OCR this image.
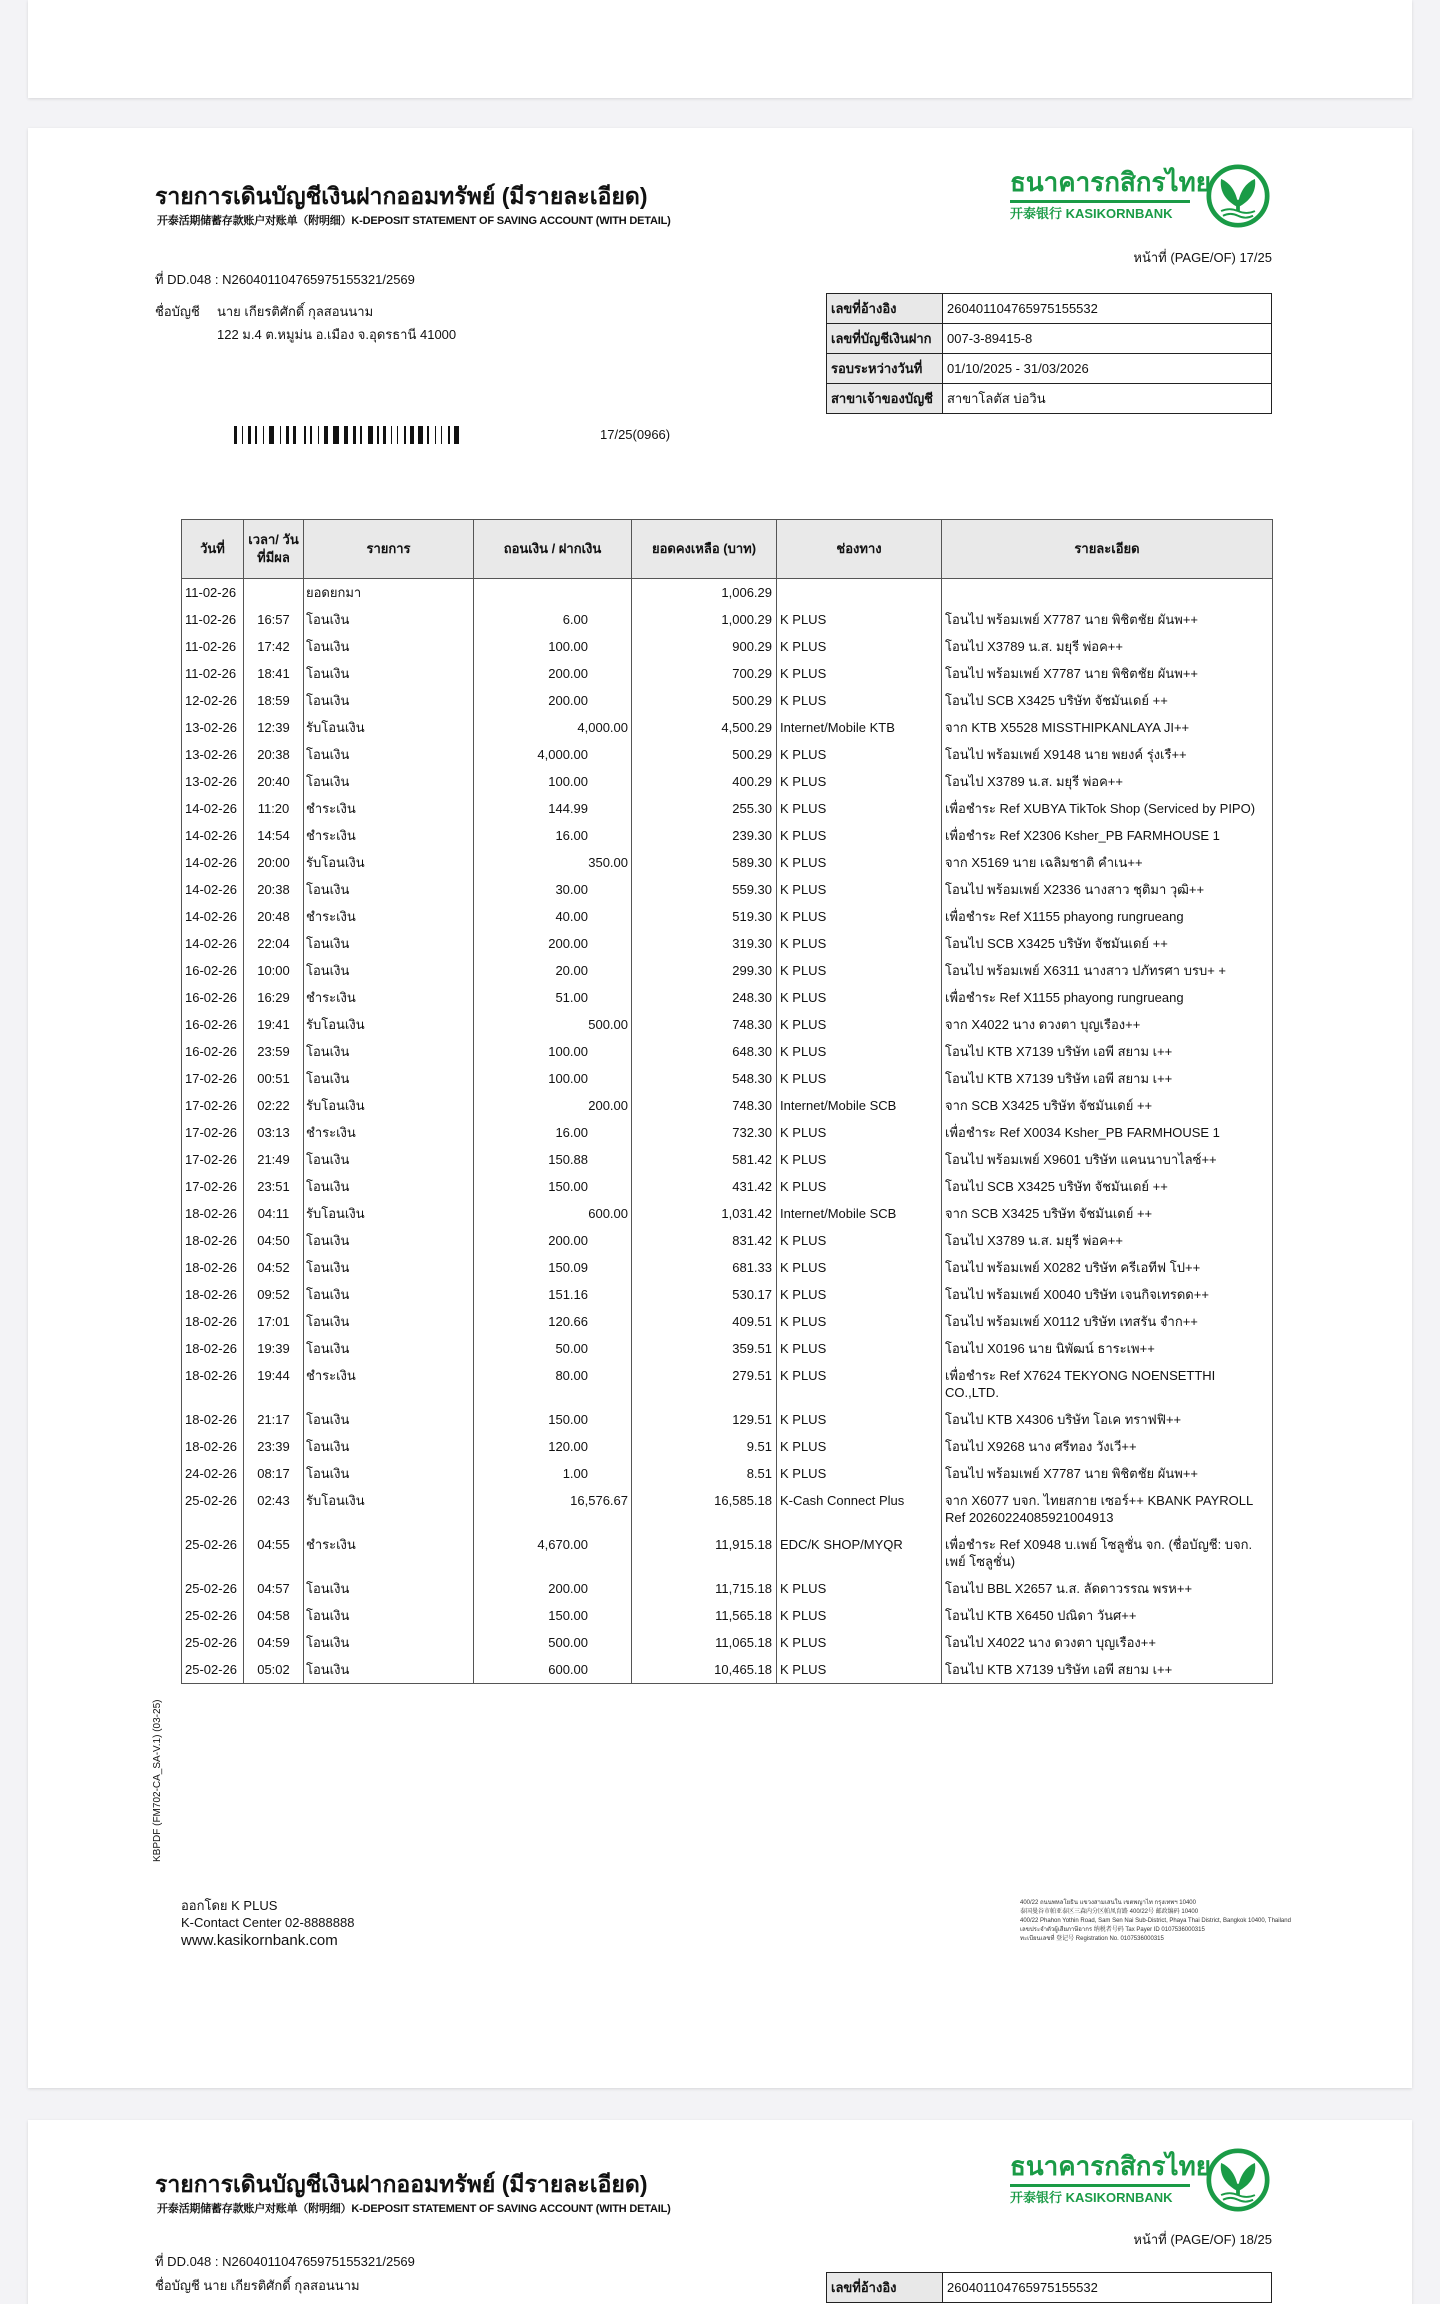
รายการเดินบัญชีเงินฝากออมทรัพย์ (มีรายละเอียด)
开泰活期储蓄存款账户对账单（附明细）K-DEPOSIT STATEMENT OF SAVING ACCOUNT (WITH DETAIL)
ธนาคารกสิกรไทย
开泰银行 KASIKORNBANK
หน้าที่ (PAGE/OF) 17/25
ที่ DD.048 : N260401104765975155321/2569
ชื่อบัญชี นาย เกียรติศักดิ์ กุลสอนนาม
122 ม.4 ต.หมูม่น อ.เมือง จ.อุดรธานี 41000
เลขที่อ้างอิง	260401104765975155532
เลขที่บัญชีเงินฝาก	007-3-89415-8
รอบระหว่างวันที่	01/10/2025 - 31/03/2026
สาขาเจ้าของบัญชี	สาขาโลตัส บ่อวิน
17/25(0966)
วันที่	เวลา/ วันที่มีผล	รายการ	ถอนเงิน / ฝากเงิน	ยอดคงเหลือ (บาท)	ช่องทาง	รายละเอียด
11-02-26		ยอดยกมา		1,006.29		
11-02-26	16:57	โอนเงิน	6.00	1,000.29	K PLUS	โอนไป พร้อมเพย์ X7787 นาย พิชิตชัย ผันพ++
11-02-26	17:42	โอนเงิน	100.00	900.29	K PLUS	โอนไป X3789 น.ส. มยุรี พ่อค++
11-02-26	18:41	โอนเงิน	200.00	700.29	K PLUS	โอนไป พร้อมเพย์ X7787 นาย พิชิตชัย ผันพ++
12-02-26	18:59	โอนเงิน	200.00	500.29	K PLUS	โอนไป SCB X3425 บริษัท จัชมันเดย์ ++
13-02-26	12:39	รับโอนเงิน	4,000.00	4,500.29	Internet/Mobile KTB	จาก KTB X5528 MISSTHIPKANLAYA JI++
13-02-26	20:38	โอนเงิน	4,000.00	500.29	K PLUS	โอนไป พร้อมเพย์ X9148 นาย พยงค์ รุ่งเรื++
13-02-26	20:40	โอนเงิน	100.00	400.29	K PLUS	โอนไป X3789 น.ส. มยุรี พ่อค++
14-02-26	11:20	ชำระเงิน	144.99	255.30	K PLUS	เพื่อชำระ Ref XUBYA TikTok Shop (Serviced by PIPO)
14-02-26	14:54	ชำระเงิน	16.00	239.30	K PLUS	เพื่อชำระ Ref X2306 Ksher_PB FARMHOUSE 1
14-02-26	20:00	รับโอนเงิน	350.00	589.30	K PLUS	จาก X5169 นาย เฉลิมชาติ คำเน++
14-02-26	20:38	โอนเงิน	30.00	559.30	K PLUS	โอนไป พร้อมเพย์ X2336 นางสาว ชุติมา วุฒิ++
14-02-26	20:48	ชำระเงิน	40.00	519.30	K PLUS	เพื่อชำระ Ref X1155 phayong rungrueang
14-02-26	22:04	โอนเงิน	200.00	319.30	K PLUS	โอนไป SCB X3425 บริษัท จัชมันเดย์ ++
16-02-26	10:00	โอนเงิน	20.00	299.30	K PLUS	โอนไป พร้อมเพย์ X6311 นางสาว ปภัทรศา บรบ+ +
16-02-26	16:29	ชำระเงิน	51.00	248.30	K PLUS	เพื่อชำระ Ref X1155 phayong rungrueang
16-02-26	19:41	รับโอนเงิน	500.00	748.30	K PLUS	จาก X4022 นาง ดวงตา บุญเรือง++
16-02-26	23:59	โอนเงิน	100.00	648.30	K PLUS	โอนไป KTB X7139 บริษัท เอพี สยาม เ++
17-02-26	00:51	โอนเงิน	100.00	548.30	K PLUS	โอนไป KTB X7139 บริษัท เอพี สยาม เ++
17-02-26	02:22	รับโอนเงิน	200.00	748.30	Internet/Mobile SCB	จาก SCB X3425 บริษัท จัชมันเดย์ ++
17-02-26	03:13	ชำระเงิน	16.00	732.30	K PLUS	เพื่อชำระ Ref X0034 Ksher_PB FARMHOUSE 1
17-02-26	21:49	โอนเงิน	150.88	581.42	K PLUS	โอนไป พร้อมเพย์ X9601 บริษัท แคนนาบาไลซ์++
17-02-26	23:51	โอนเงิน	150.00	431.42	K PLUS	โอนไป SCB X3425 บริษัท จัชมันเดย์ ++
18-02-26	04:11	รับโอนเงิน	600.00	1,031.42	Internet/Mobile SCB	จาก SCB X3425 บริษัท จัชมันเดย์ ++
18-02-26	04:50	โอนเงิน	200.00	831.42	K PLUS	โอนไป X3789 น.ส. มยุรี พ่อค++
18-02-26	04:52	โอนเงิน	150.09	681.33	K PLUS	โอนไป พร้อมเพย์ X0282 บริษัท ครีเอทีฟ โป++
18-02-26	09:52	โอนเงิน	151.16	530.17	K PLUS	โอนไป พร้อมเพย์ X0040 บริษัท เจนกิจเทรดด++
18-02-26	17:01	โอนเงิน	120.66	409.51	K PLUS	โอนไป พร้อมเพย์ X0112 บริษัท เทสรัน จำก++
18-02-26	19:39	โอนเงิน	50.00	359.51	K PLUS	โอนไป X0196 นาย นิพัฒน์ ธาระเพ++
18-02-26	19:44	ชำระเงิน	80.00	279.51	K PLUS	เพื่อชำระ Ref X7624 TEKYONG NOENSETTHI CO.,LTD.
18-02-26	21:17	โอนเงิน	150.00	129.51	K PLUS	โอนไป KTB X4306 บริษัท โอเค ทราฟฟิ++
18-02-26	23:39	โอนเงิน	120.00	9.51	K PLUS	โอนไป X9268 นาง ศรีทอง วังเวี++
24-02-26	08:17	โอนเงิน	1.00	8.51	K PLUS	โอนไป พร้อมเพย์ X7787 นาย พิชิตชัย ผันพ++
25-02-26	02:43	รับโอนเงิน	16,576.67	16,585.18	K-Cash Connect Plus	จาก X6077 บจก. ไทยสกาย เซอร์++ KBANK PAYROLL Ref 20260224085921004913
25-02-26	04:55	ชำระเงิน	4,670.00	11,915.18	EDC/K SHOP/MYQR	เพื่อชำระ Ref X0948 บ.เพย์ โซลูชั่น จก. (ชื่อบัญชี: บจก. เพย์ โซลูชั่น)
25-02-26	04:57	โอนเงิน	200.00	11,715.18	K PLUS	โอนไป BBL X2657 น.ส. ลัดดาวรรณ พรห++
25-02-26	04:58	โอนเงิน	150.00	11,565.18	K PLUS	โอนไป KTB X6450 ปณิดา วันศ++
25-02-26	04:59	โอนเงิน	500.00	11,065.18	K PLUS	โอนไป X4022 นาง ดวงตา บุญเรือง++
25-02-26	05:02	โอนเงิน	600.00	10,465.18	K PLUS	โอนไป KTB X7139 บริษัท เอพี สยาม เ++
KBPDF (FM702-CA_SA-V.1) (03-25)
ออกโดย K PLUS
K-Contact Center 02-8888888
www.kasikornbank.com
400/22 ถนนพหลโยธิน แขวงสามเสนใน เขตพญาไท กรุงเทพฯ 10400
泰国曼谷市帕亚泰区三森内分区帕凤育路 400/22号 邮政编码 10400
400/22 Phahon Yothin Road, Sam Sen Nai Sub-District, Phaya Thai District, Bangkok 10400, Thailand
เลขประจำตัวผู้เสียภาษีอากร 纳税者号码 Tax Payer ID 0107536000315
ทะเบียนเลขที่ 登记号 Registration No. 0107536000315
รายการเดินบัญชีเงินฝากออมทรัพย์ (มีรายละเอียด)
开泰活期储蓄存款账户对账单（附明细）K-DEPOSIT STATEMENT OF SAVING ACCOUNT (WITH DETAIL)
ธนาคารกสิกรไทย
开泰银行 KASIKORNBANK
หน้าที่ (PAGE/OF) 18/25
ที่ DD.048 : N260401104765975155321/2569
ชื่อบัญชี นาย เกียรติศักดิ์ กุลสอนนาม	เลขที่อ้างอิง	260401104765975155532
